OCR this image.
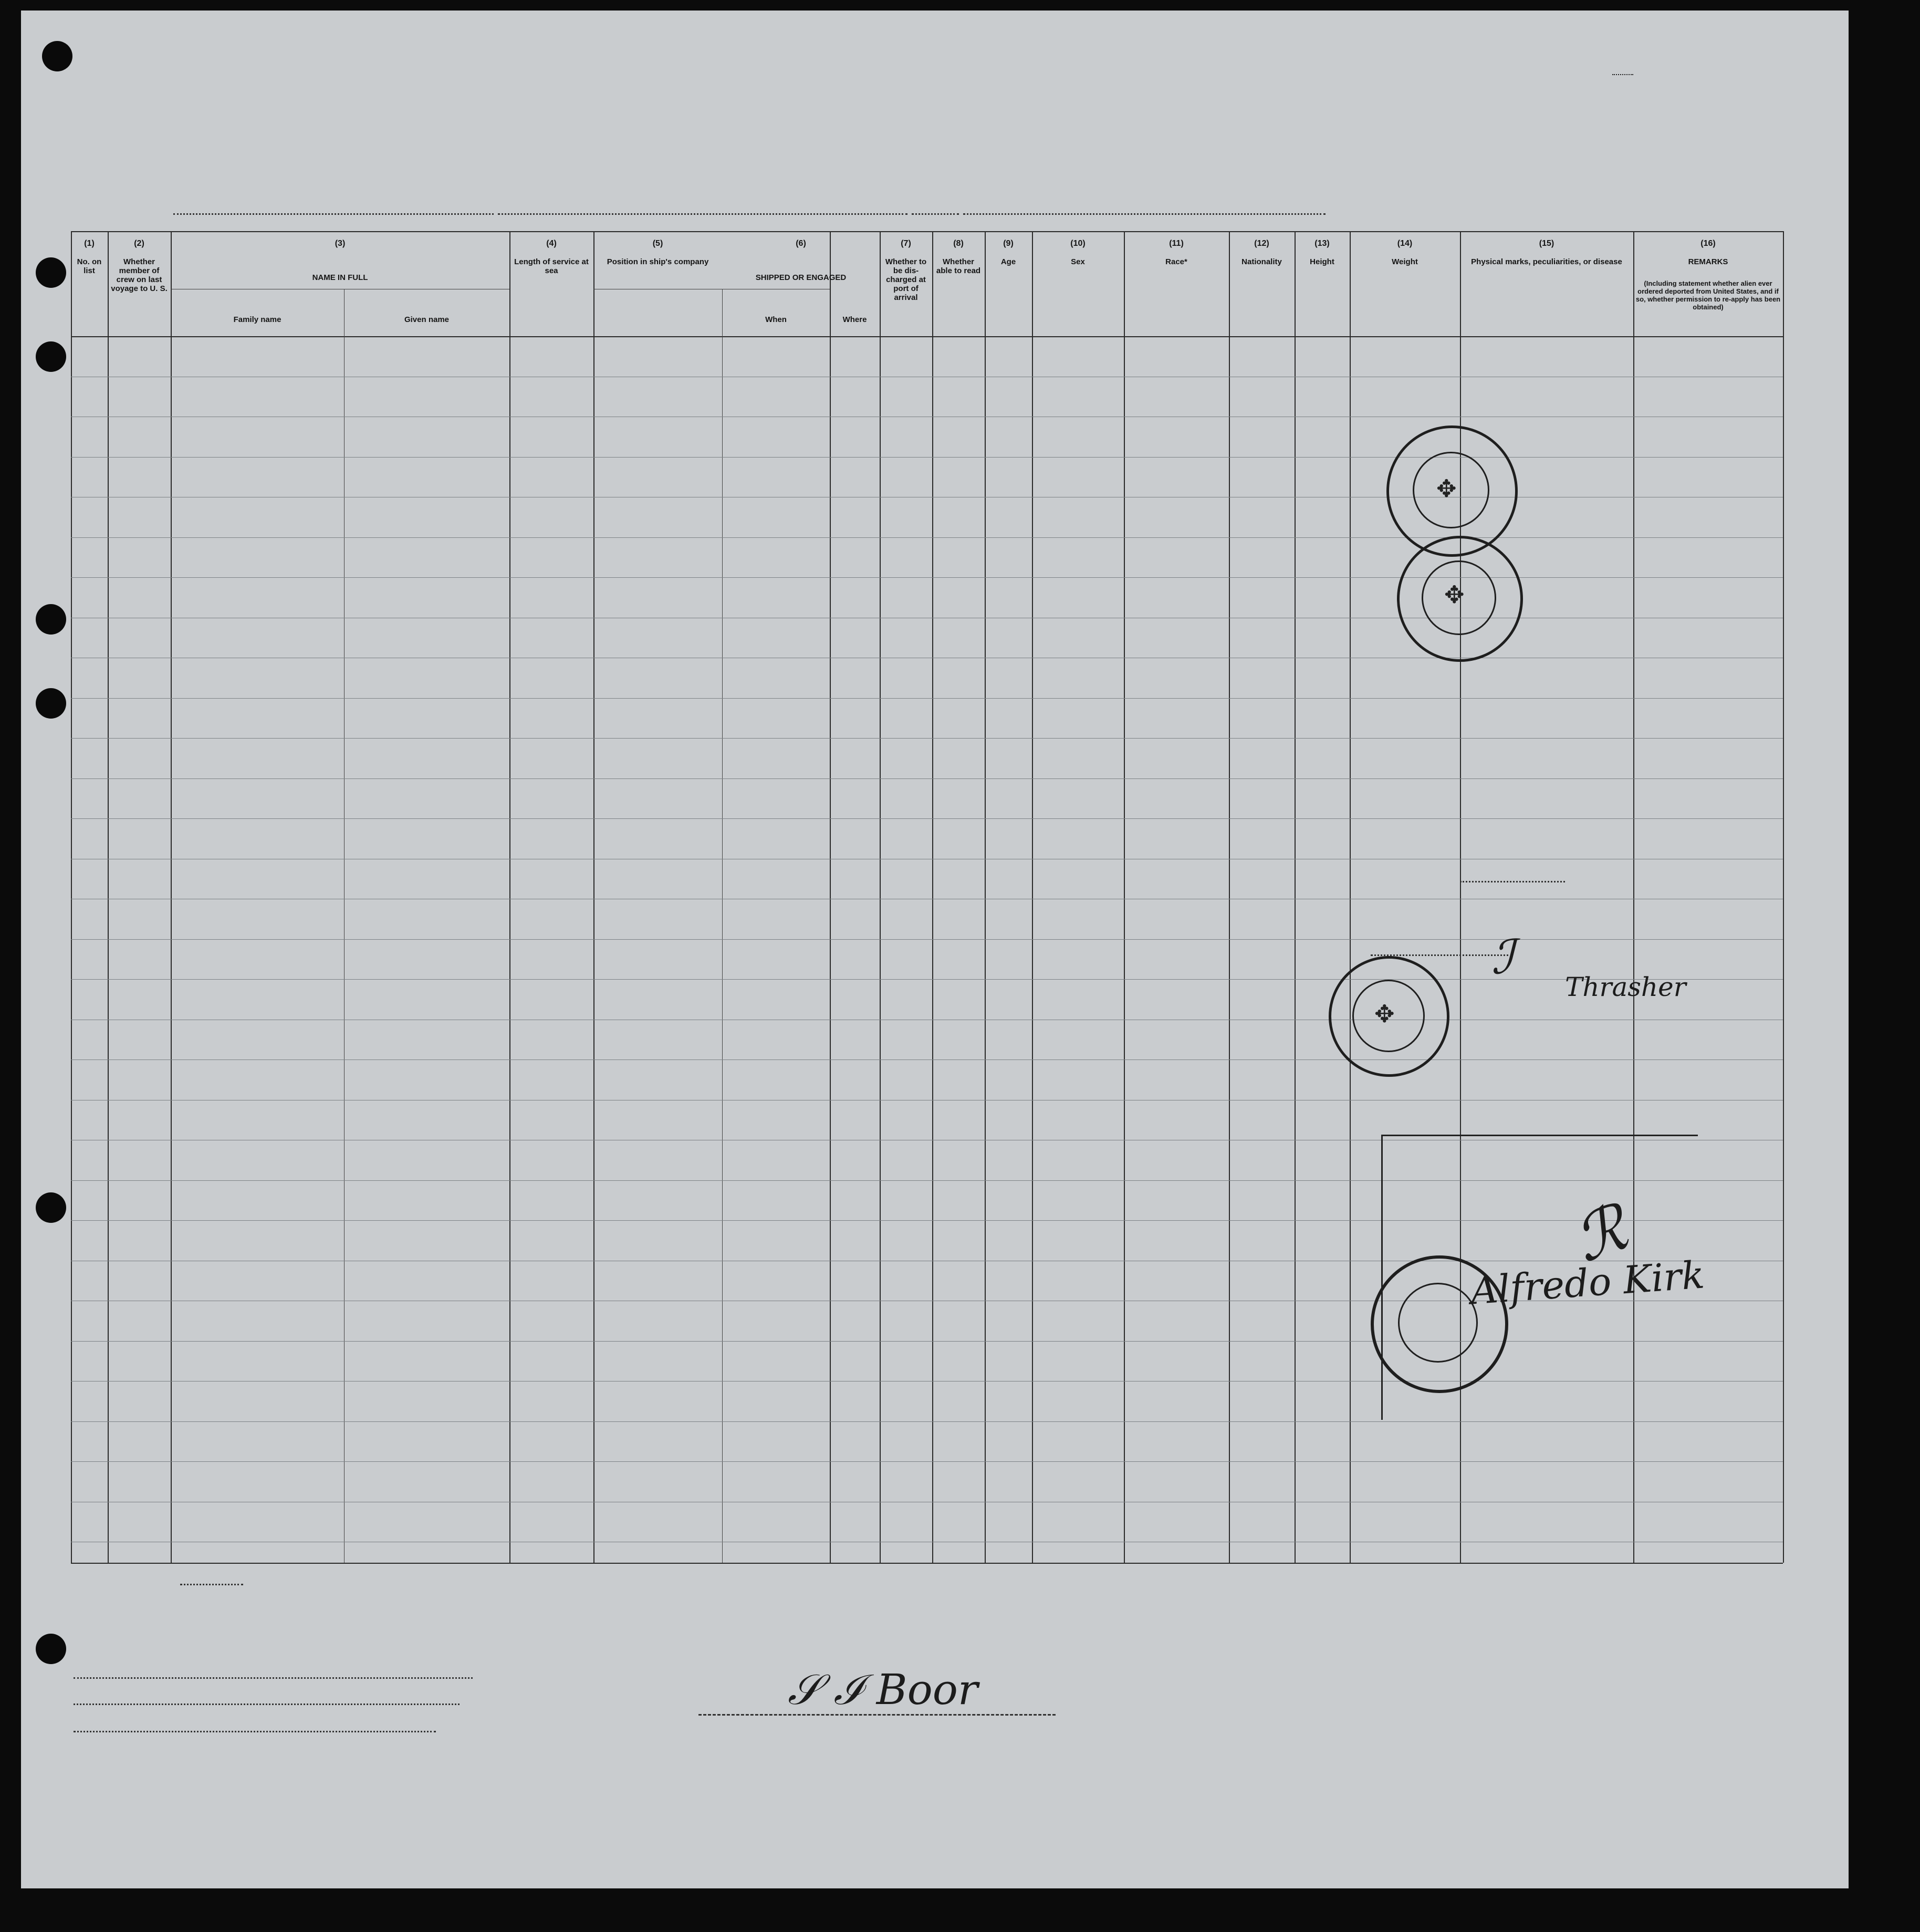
(1)
No. on list
(2)
Whether member of crew on last voyage to U. S.
(3)
NAME IN FULL
Family name	Given name
(4)
Length of service at sea
(5)
Position in ship's company
(6)
SHIPPED OR ENGAGED
When	Where
(7)
Whether to be dis-charged at port of arrival
(8)
Whether able to read
(9)
Age
(10)
Sex
(11)
Race*
(12)
Nationality
(13)
Height
(14)
Weight
(15)
Physical marks, peculiarities, or disease
(16)
REMARKS
(Including statement whether alien ever ordered deported from United States, and if so, whether permission to re-apply has been obtained)
✥
✥
ℐ
Thrasher
✥
Alfredo Kirk
ℛ

𝒮 ℐ Boor
